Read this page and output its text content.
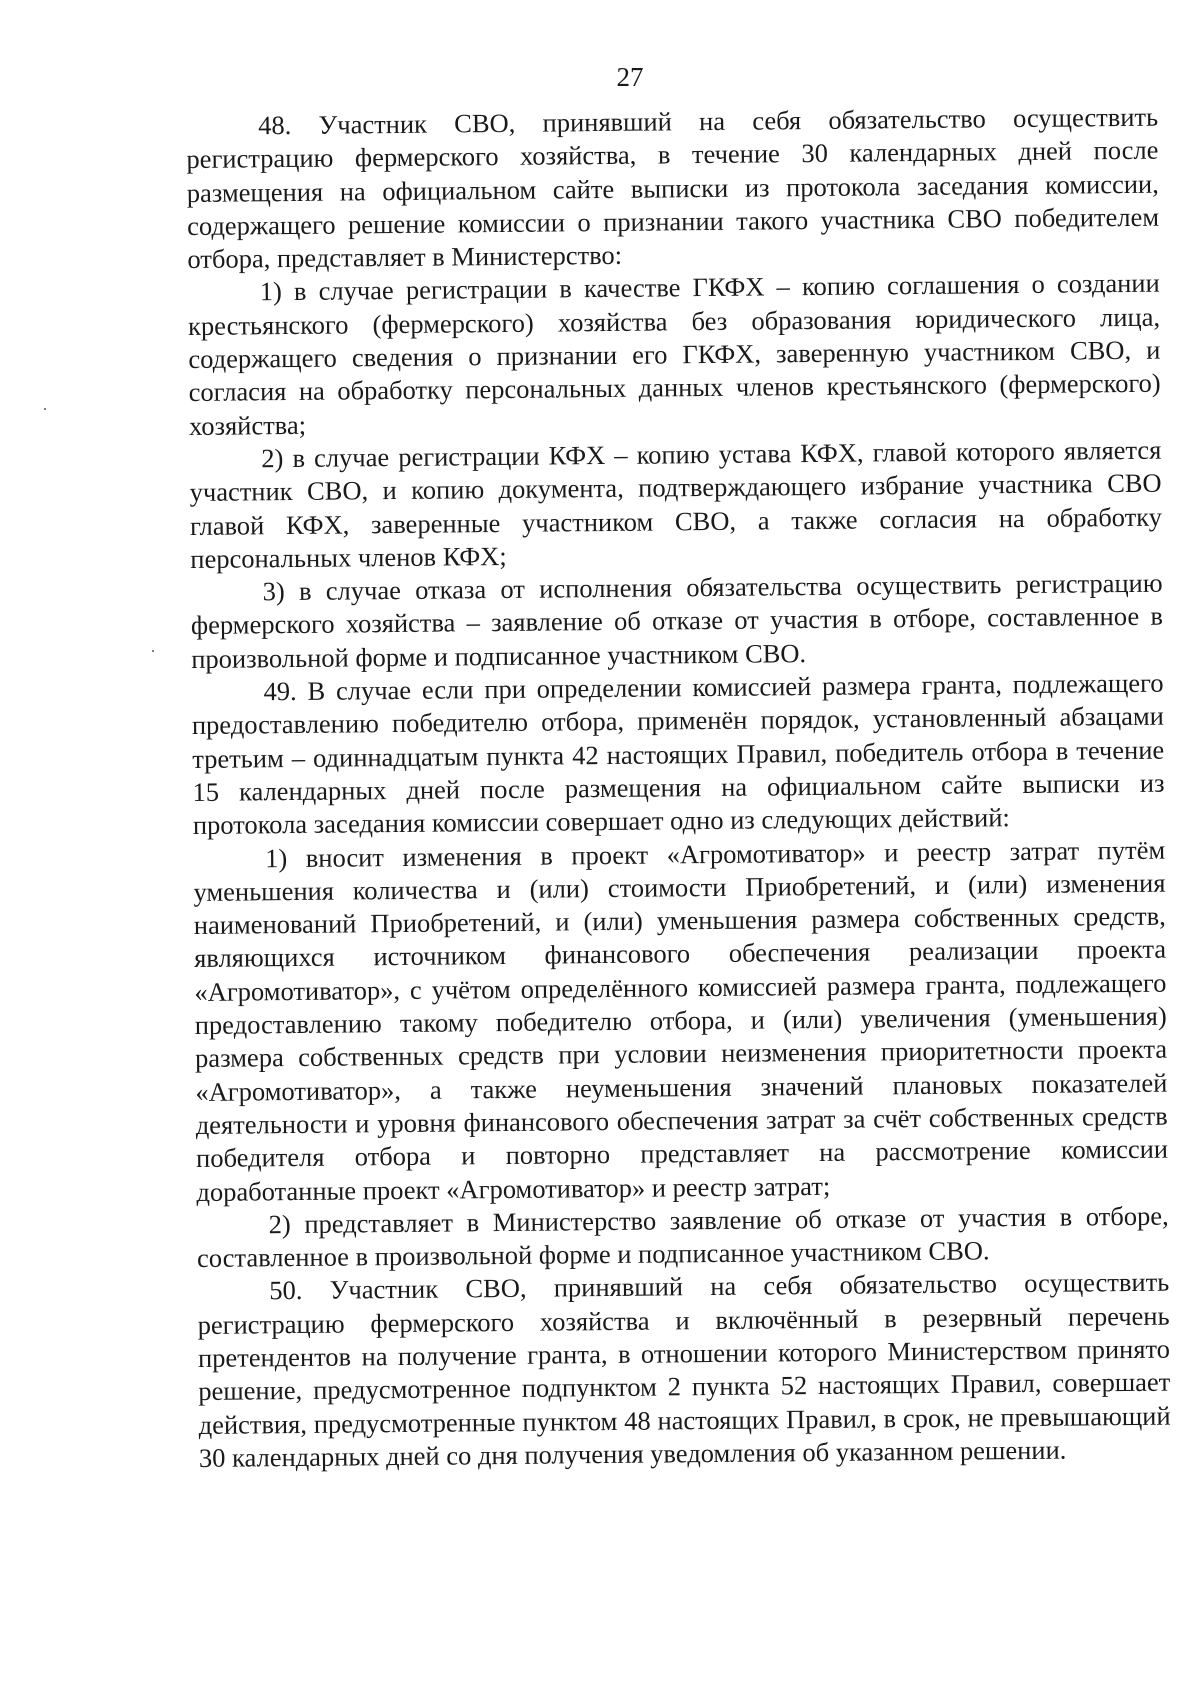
27

48. Участник СВО, принявший на себя обязательство осуществить регистрацию фермерского хозяйства, в течение 30 календарных дней после размещения на официальном сайте выписки из протокола заседания комиссии, содержащего решение комиссии о признании такого участника СВО победителем отбора, представляет в Министерство:

1) в случае регистрации в качестве ГКФХ – копию соглашения о создании крестьянского (фермерского) хозяйства без образования юридического лица, содержащего сведения о признании его ГКФХ, заверенную участником СВО, и согласия на обработку персональных данных членов крестьянского (фермерского) хозяйства;

2) в случае регистрации КФХ – копию устава КФХ, главой которого является участник СВО, и копию документа, подтверждающего избрание участника СВО главой КФХ, заверенные участником СВО, а также согласия на обработку персональных членов КФХ;

3) в случае отказа от исполнения обязательства осуществить регистрацию фермерского хозяйства – заявление об отказе от участия в отборе, составленное в произвольной форме и подписанное участником СВО.

49. В случае если при определении комиссией размера гранта, подлежащего предоставлению победителю отбора, применён порядок, установленный абзацами третьим – одиннадцатым пункта 42 настоящих Правил, победитель отбора в течение 15 календарных дней после размещения на официальном сайте выписки из протокола заседания комиссии совершает одно из следующих действий:

1) вносит изменения в проект «Агромотиватор» и реестр затрат путём уменьшения количества и (или) стоимости Приобретений, и (или) изменения наименований Приобретений, и (или) уменьшения размера собственных средств, являющихся источником финансового обеспечения реализации проекта «Агромотиватор», с учётом определённого комиссией размера гранта, подлежащего предоставлению такому победителю отбора, и (или) увеличения (уменьшения) размера собственных средств при условии неизменения приоритетности проекта «Агромотиватор», а также неуменьшения значений плановых показателей деятельности и уровня финансового обеспечения затрат за счёт собственных средств победителя отбора и повторно представляет на рассмотрение комиссии доработанные проект «Агромотиватор» и реестр затрат;

2) представляет в Министерство заявление об отказе от участия в отборе, составленное в произвольной форме и подписанное участником СВО.

50. Участник СВО, принявший на себя обязательство осуществить регистрацию фермерского хозяйства и включённый в резервный перечень претендентов на получение гранта, в отношении которого Министерством принято решение, предусмотренное подпунктом 2 пункта 52 настоящих Правил, совершает действия, предусмотренные пунктом 48 настоящих Правил, в срок, не превышающий 30 календарных дней со дня получения уведомления об указанном решении.
